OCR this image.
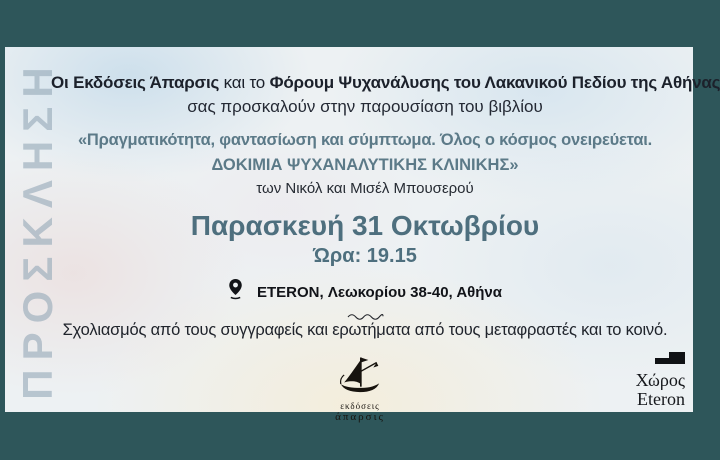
ΠΡΟΣΚΛΗΣΗ
Οι Εκδόσεις Άπαρσις και το Φόρουμ Ψυχανάλυσης του Λακανικού Πεδίου της Αθήνας
σας προσκαλούν στην παρουσίαση του βιβλίου
«Πραγματικότητα, φαντασίωση και σύμπτωμα. Όλος ο κόσμος ονειρεύεται.
ΔΟΚΙΜΙΑ ΨΥΧΑΝΑΛΥΤΙΚΗΣ ΚΛΙΝΙΚΗΣ»
των Νικόλ και Μισέλ Μπουσερού
Παρασκευή 31 Οκτωβρίου
Ώρα: 19.15
ETERON, Λεωκορίου 38-40, Αθήνα
Σχολιασμός από τους συγγραφείς και ερωτήματα από τους μεταφραστές και το κοινό.
εκδόσεις
άπαρσις
Χώρος
Eteron
